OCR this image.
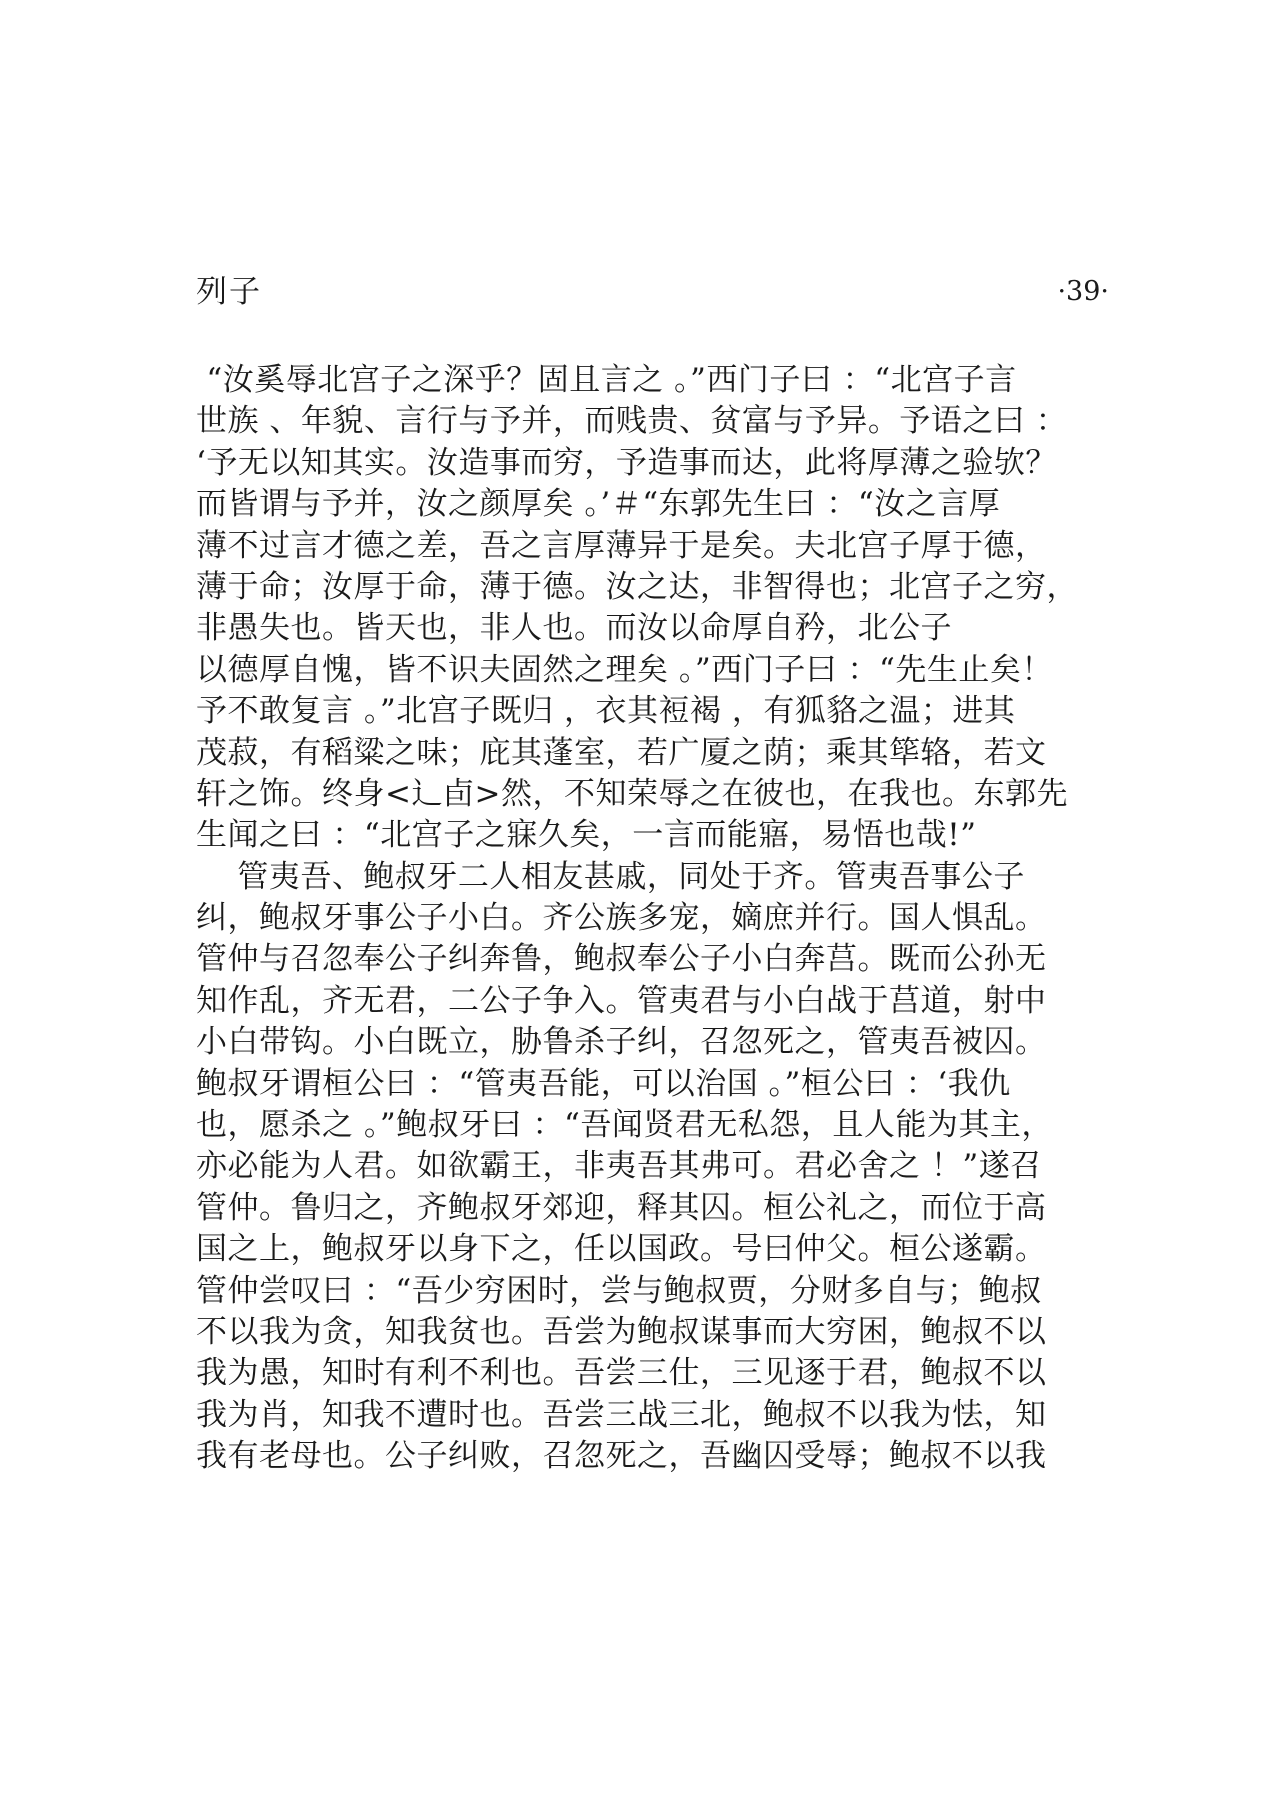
列子	·39·
“汝奚辱北宫子之深乎？固且言之 。”西门子曰 ：“北宫子言
世族 、年貌、言行与予并，而贱贵、贫富与予异。予语之曰 ：
‘予无以知其实。汝造事而穷，予造事而达，此将厚薄之验欤？
而皆谓与予并，汝之颜厚矣 。’＃“东郭先生曰 ：“汝之言厚
薄不过言才德之差，吾之言厚薄异于是矣。夫北宫子厚于德，
薄于命；汝厚于命，薄于德。汝之达，非智得也；北宫子之穷，
非愚失也。皆天也，非人也。而汝以命厚自矜，北公子
以德厚自愧，皆不识夫固然之理矣 。”西门子曰 ：“先生止矣！
予不敢复言 。”北宫子既归 ，衣其裋褐 ，有狐貉之温；进其
茂菽，有稻粱之味；庇其蓬室，若广厦之荫；乘其筚辂，若文
轩之饰。终身<辶卣>然，不知荣辱之在彼也，在我也。东郭先
生闻之曰 ：“北宫子之寐久矣，一言而能寤，易悟也哉!”
管夷吾、鲍叔牙二人相友甚戚，同处于齐。管夷吾事公子
纠，鲍叔牙事公子小白。齐公族多宠，嫡庶并行。国人惧乱。
管仲与召忽奉公子纠奔鲁，鲍叔奉公子小白奔莒。既而公孙无
知作乱，齐无君，二公子争入。管夷君与小白战于莒道，射中
小白带钩。小白既立，胁鲁杀子纠，召忽死之，管夷吾被囚。
鲍叔牙谓桓公曰 ：“管夷吾能，可以治国 。”桓公曰 ：‘我仇
也，愿杀之 。”鲍叔牙曰 ：“吾闻贤君无私怨，且人能为其主，
亦必能为人君。如欲霸王，非夷吾其弗可。君必舍之 ！”遂召
管仲。鲁归之，齐鲍叔牙郊迎，释其囚。桓公礼之，而位于高
国之上，鲍叔牙以身下之，任以国政。号曰仲父。桓公遂霸。
管仲尝叹曰 ：“吾少穷困时，尝与鲍叔贾，分财多自与；鲍叔
不以我为贪，知我贫也。吾尝为鲍叔谋事而大穷困，鲍叔不以
我为愚，知时有利不利也。吾尝三仕，三见逐于君，鲍叔不以
我为肖，知我不遭时也。吾尝三战三北，鲍叔不以我为怯，知
我有老母也。公子纠败，召忽死之，吾幽囚受辱；鲍叔不以我
